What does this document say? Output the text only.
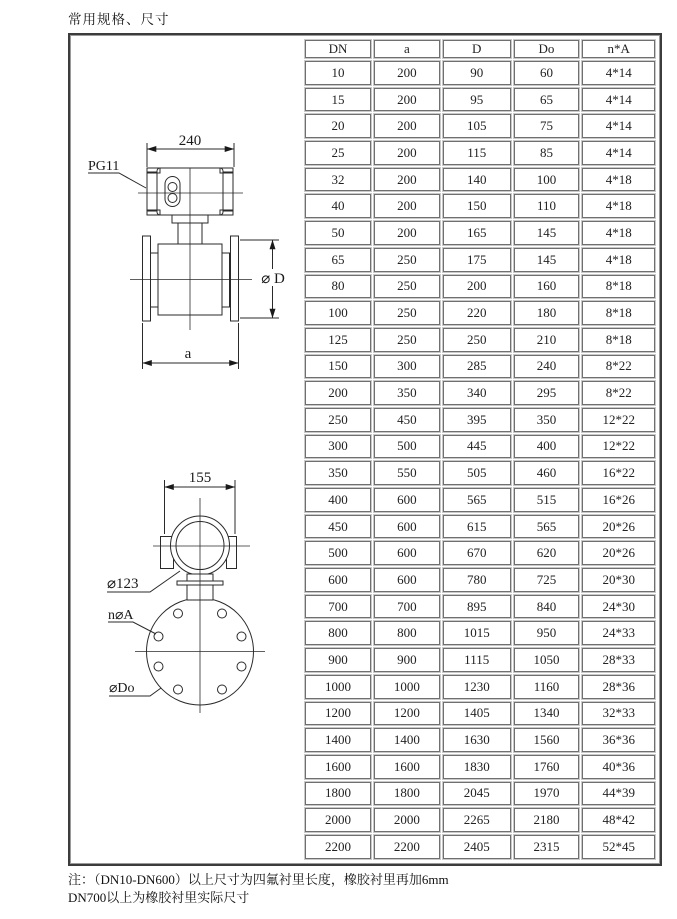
常用规格、尺寸
240
PG11
⌀ D
a
155
⌀123
n⌀A
⌀Do
DN	a	D	Do	n*A
10	200	90	60	4*14
15	200	95	65	4*14
20	200	105	75	4*14
25	200	115	85	4*14
32	200	140	100	4*18
40	200	150	110	4*18
50	200	165	145	4*18
65	250	175	145	4*18
80	250	200	160	8*18
100	250	220	180	8*18
125	250	250	210	8*18
150	300	285	240	8*22
200	350	340	295	8*22
250	450	395	350	12*22
300	500	445	400	12*22
350	550	505	460	16*22
400	600	565	515	16*26
450	600	615	565	20*26
500	600	670	620	20*26
600	600	780	725	20*30
700	700	895	840	24*30
800	800	1015	950	24*33
900	900	1115	1050	28*33
1000	1000	1230	1160	28*36
1200	1200	1405	1340	32*33
1400	1400	1630	1560	36*36
1600	1600	1830	1760	40*36
1800	1800	2045	1970	44*39
2000	2000	2265	2180	48*42
2200	2200	2405	2315	52*45
注：（DN10-DN600）以上尺寸为四氟衬里长度，橡胶衬里再加6mm
DN700以上为橡胶衬里实际尺寸
